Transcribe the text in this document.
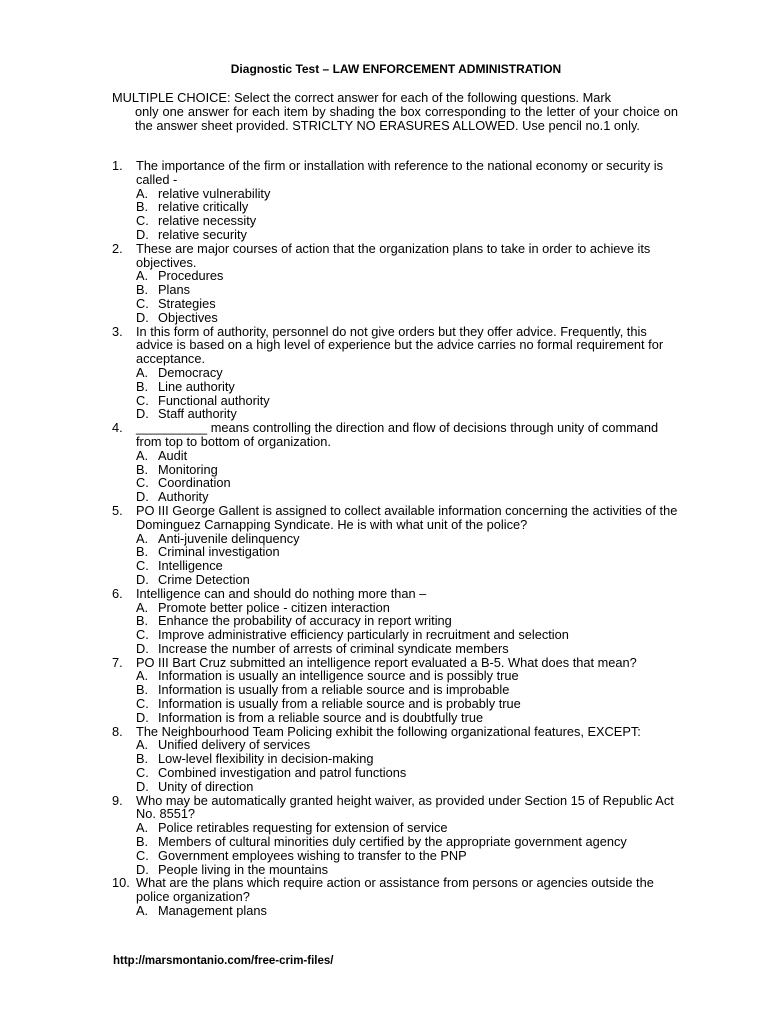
Diagnostic Test – LAW ENFORCEMENT ADMINISTRATION
MULTIPLE CHOICE: Select the correct answer for each of the following questions. Mark
only one answer for each item by shading the box corresponding to the letter of your choice on the answer sheet provided. STRICLTY NO ERASURES ALLOWED. Use pencil no.1 only.
1.	The importance of the firm or installation with reference to the national economy or security is called -
A. relative vulnerability
B. relative critically
C. relative necessity
D. relative security
2.	These are major courses of action that the organization plans to take in order to achieve its objectives.
A. Procedures
B. Plans
C. Strategies
D. Objectives
3.	In this form of authority, personnel do not give orders but they offer advice. Frequently, this advice is based on a high level of experience but the advice carries no formal requirement for acceptance.
A. Democracy
B. Line authority
C. Functional authority
D. Staff authority
4.	__________ means controlling the direction and flow of decisions through unity of command from top to bottom of organization.
A. Audit
B. Monitoring
C. Coordination
D. Authority
5.	PO III George Gallent is assigned to collect available information concerning the activities of the Dominguez Carnapping Syndicate. He is with what unit of the police?
A. Anti-juvenile delinquency
B. Criminal investigation
C. Intelligence
D. Crime Detection
6.	Intelligence can and should do nothing more than –
A. Promote better police - citizen interaction
B. Enhance the probability of accuracy in report writing
C. Improve administrative efficiency particularly in recruitment and selection
D. Increase the number of arrests of criminal syndicate members
7.	PO III Bart Cruz submitted an intelligence report evaluated a B-5. What does that mean?
A. Information is usually an intelligence source and is possibly true
B. Information is usually from a reliable source and is improbable
C. Information is usually from a reliable source and is probably true
D. Information is from a reliable source and is doubtfully true
8.	The Neighbourhood Team Policing exhibit the following organizational features, EXCEPT:
A. Unified delivery of services
B. Low-level flexibility in decision-making
C. Combined investigation and patrol functions
D. Unity of direction
9.	Who may be automatically granted height waiver, as provided under Section 15 of Republic Act No. 8551?
A. Police retirables requesting for extension of service
B. Members of cultural minorities duly certified by the appropriate government agency
C. Government employees wishing to transfer to the PNP
D. People living in the mountains
10. What are the plans which require action or assistance from persons or agencies outside the police organization?
A. Management plans
http://marsmontanio.com/free-crim-files/
